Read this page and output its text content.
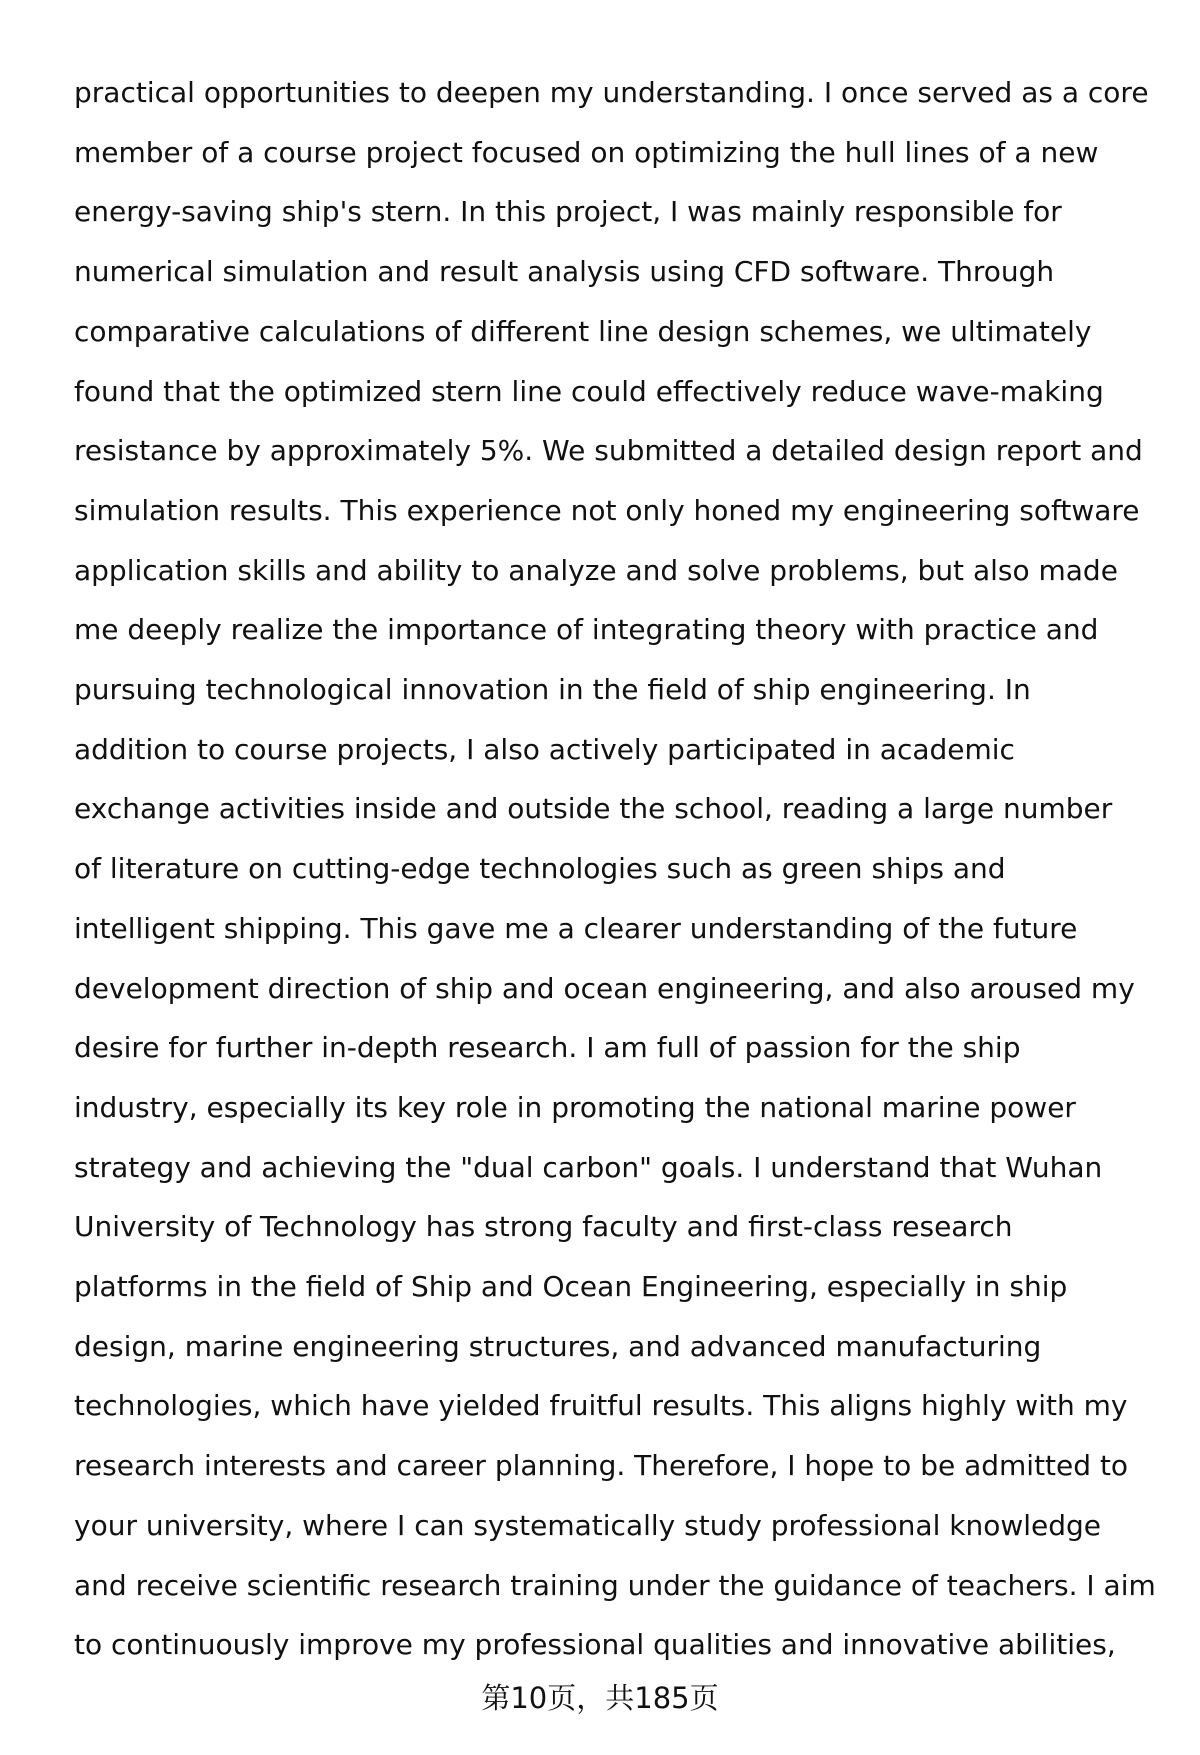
practical opportunities to deepen my understanding. I once served as a core
member of a course project focused on optimizing the hull lines of a new
energy-saving ship's stern. In this project, I was mainly responsible for
numerical simulation and result analysis using CFD software. Through
comparative calculations of different line design schemes, we ultimately
found that the optimized stern line could effectively reduce wave-making
resistance by approximately 5%. We submitted a detailed design report and
simulation results. This experience not only honed my engineering software
application skills and ability to analyze and solve problems, but also made
me deeply realize the importance of integrating theory with practice and
pursuing technological innovation in the field of ship engineering. In
addition to course projects, I also actively participated in academic
exchange activities inside and outside the school, reading a large number
of literature on cutting-edge technologies such as green ships and
intelligent shipping. This gave me a clearer understanding of the future
development direction of ship and ocean engineering, and also aroused my
desire for further in-depth research. I am full of passion for the ship
industry, especially its key role in promoting the national marine power
strategy and achieving the "dual carbon" goals. I understand that Wuhan
University of Technology has strong faculty and first-class research
platforms in the field of Ship and Ocean Engineering, especially in ship
design, marine engineering structures, and advanced manufacturing
technologies, which have yielded fruitful results. This aligns highly with my
research interests and career planning. Therefore, I hope to be admitted to
your university, where I can systematically study professional knowledge
and receive scientific research training under the guidance of teachers. I aim
to continuously improve my professional qualities and innovative abilities,
第10页，共185页
